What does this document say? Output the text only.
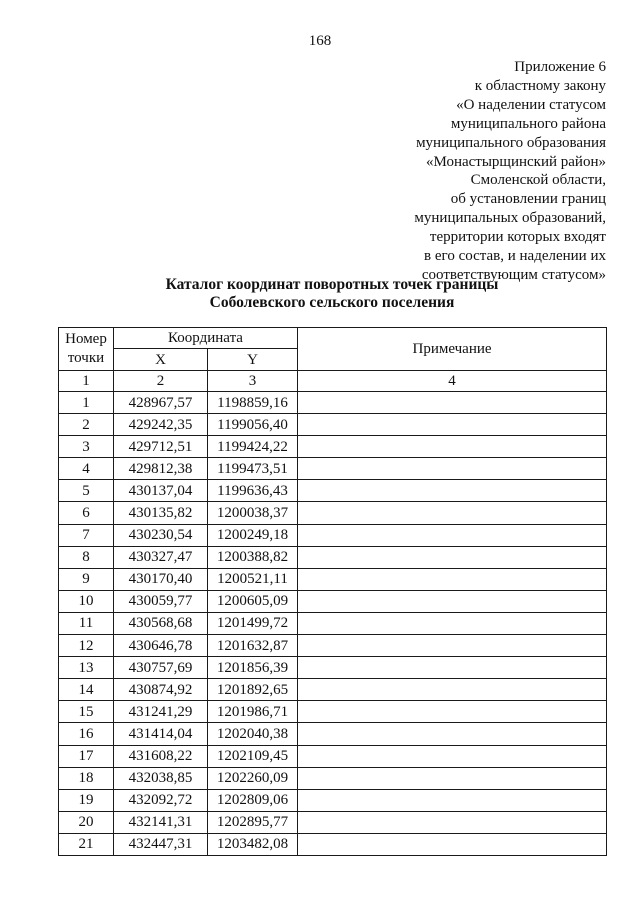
168
Приложение 6
к областному закону
«О наделении статусом
муниципального района
муниципального образования
«Монастырщинский район»
Смоленской области,
об установлении границ
муниципальных образований,
территории которых входят
в его состав, и наделении их
соответствующим статусом»
Каталог координат поворотных точек границы
Соболевского сельского поселения
Номер
точки	Координата		Примечание
	X	Y	
1	2	3	4
1	428967,57	1198859,16	
2	429242,35	1199056,40	
3	429712,51	1199424,22	
4	429812,38	1199473,51	
5	430137,04	1199636,43	
6	430135,82	1200038,37	
7	430230,54	1200249,18	
8	430327,47	1200388,82	
9	430170,40	1200521,11	
10	430059,77	1200605,09	
11	430568,68	1201499,72	
12	430646,78	1201632,87	
13	430757,69	1201856,39	
14	430874,92	1201892,65	
15	431241,29	1201986,71	
16	431414,04	1202040,38	
17	431608,22	1202109,45	
18	432038,85	1202260,09	
19	432092,72	1202809,06	
20	432141,31	1202895,77	
21	432447,31	1203482,08	
